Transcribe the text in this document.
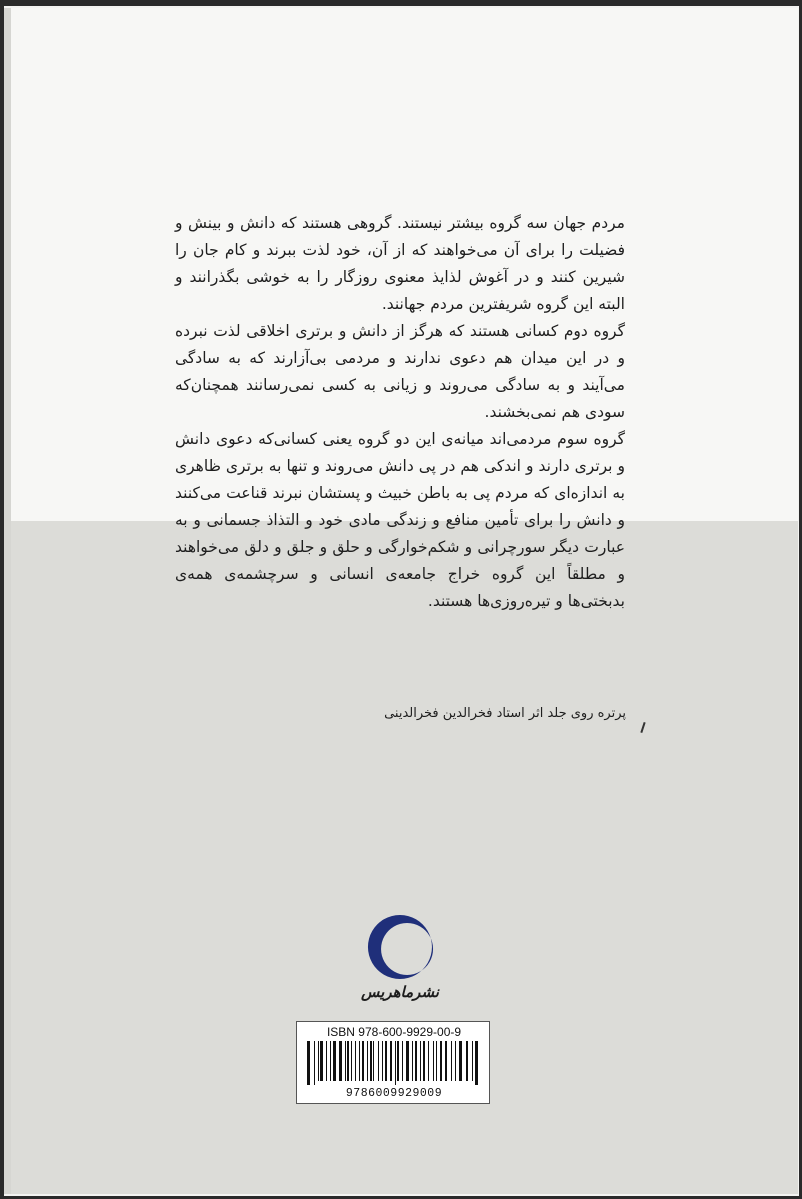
مردم جهان سه گروه بیشتر نیستند. گروهی هستند که دانش و بینش و فضیلت را برای آن می‌خواهند که از آن، خود لذت ببرند و کام جان را شیرین کنند و در آغوش لذایذ معنوی روزگار را به خوشی بگذرانند و البته این گروه شریفترین مردم جهانند.

گروه دوم کسانی هستند که هرگز از دانش و برتری اخلاقی لذت نبرده و در این میدان هم دعوی ندارند و مردمی بی‌آزارند که به سادگی می‌آیند و به سادگی می‌روند و زیانی به کسی نمی‌رسانند همچنان‌که سودی هم نمی‌بخشند.

گروه سوم مردمی‌اند میانه‌ی این دو گروه یعنی کسانی‌که دعوی دانش و برتری دارند و اندکی هم در پی دانش می‌روند و تنها به برتری ظاهری به اندازه‌ای که مردم پی به باطن خبیث و پستشان نبرند قناعت می‌کنند و دانش را برای تأمین منافع و زندگی مادی خود و التذاذ جسمانی و به عبارت دیگر سورچرانی و شکم‌خوارگی و حلق و جلق و دلق می‌خواهند و مطلقاً این گروه خراج جامعه‌ی انسانی و سرچشمه‌ی همه‌ی بدبختی‌ها و تیره‌روزی‌ها هستند.

پرتره روی جلد اثر استاد فخرالدین فخرالدینی
نشرماهریس
ISBN 978-600-9929-00-9
9786009929009
